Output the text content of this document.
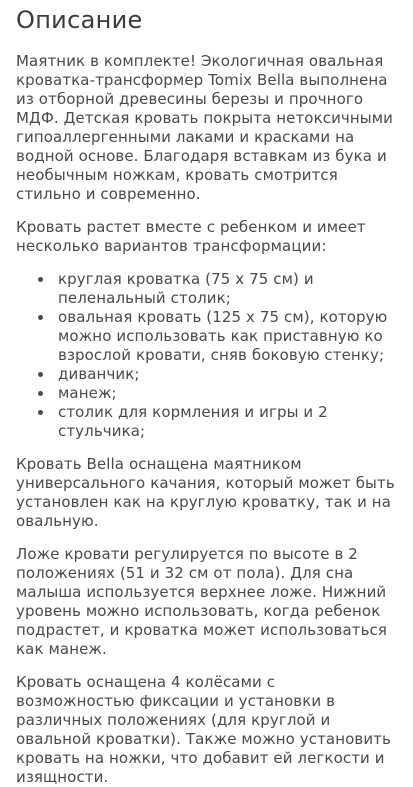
Описание

Маятник в комплекте! Экологичная овальная кроватка-трансформер Tomix Bella выполнена из отборной древесины березы и прочного МДФ. Детская кровать покрыта нетоксичными гипоаллергенными лаками и красками на водной основе. Благодаря вставкам из бука и необычным ножкам, кровать смотрится стильно и современно.

Кровать растет вместе с ребенком и имеет несколько вариантов трансформации:

• круглая кроватка (75 х 75 см) и пеленальный столик;
• овальная кровать (125 х 75 см), которую можно использовать как приставную ко взрослой кровати, сняв боковую стенку;
• диванчик;
• манеж;
• столик для кормления и игры и 2 стульчика;

Кровать Bella оснащена маятником универсального качания, который может быть установлен как на круглую кроватку, так и на овальную.

Ложе кровати регулируется по высоте в 2 положениях (51 и 32 см от пола). Для сна малыша используется верхнее ложе. Нижний уровень можно использовать, когда ребенок подрастет, и кроватка может использоваться как манеж.

Кровать оснащена 4 колёсами с возможностью фиксации и установки в различных положениях (для круглой и овальной кроватки). Также можно установить кровать на ножки, что добавит ей легкости и изящности.
